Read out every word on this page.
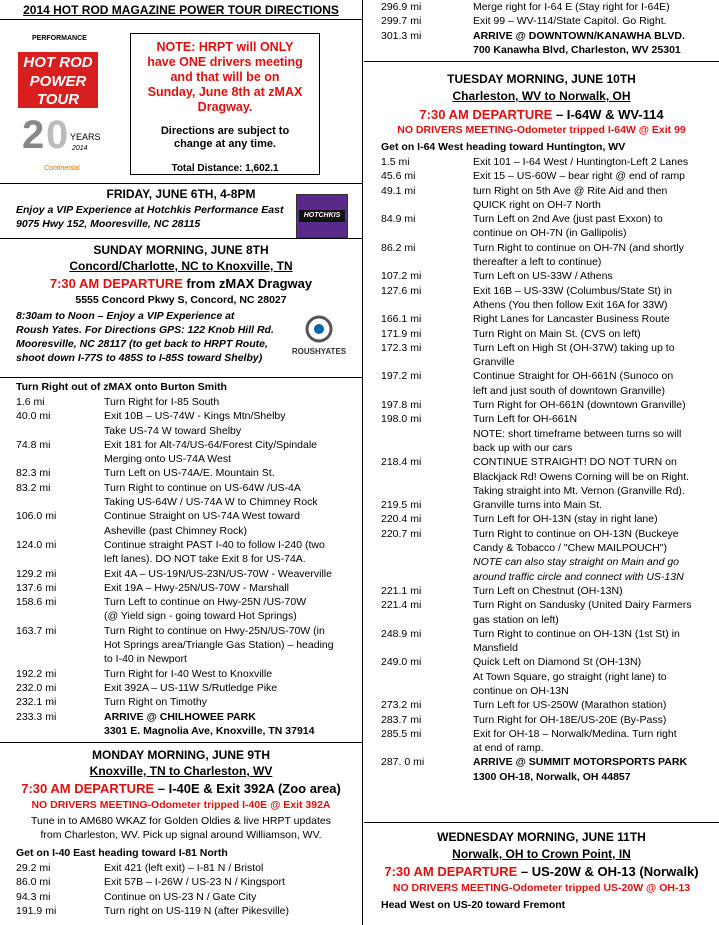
2014 HOT ROD MAGAZINE POWER TOUR DIRECTIONS
PERFORMANCE
HOT ROD
POWER
TOUR
2 0 YEARS
2014
Continental
NOTE: HRPT will ONLY
have ONE drivers meeting
and that will be on
Sunday, June 8th at zMAX
Dragway.
Directions are subject to
change at any time.
Total Distance: 1,602.1
FRIDAY, JUNE 6TH, 4-8PM
Enjoy a VIP Experience at Hotchkis Performance East
9075 Hwy 152, Mooresville, NC 28115
HOTCHKIS
SUNDAY MORNING, JUNE 8TH
Concord/Charlotte, NC to Knoxville, TN
7:30 AM DEPARTURE from zMAX Dragway
5555 Concord Pkwy S, Concord, NC 28027
8:30am to Noon – Enjoy a VIP Experience at
Roush Yates. For Directions GPS: 122 Knob Hill Rd.
Mooresville, NC 28117 (to get back to HRPT Route,
shoot down I-77S to 485S to I-85S toward Shelby)
ROUSHYATES
Turn Right out of zMAX onto Burton Smith
1.6 mi	Turn Right for I-85 South
40.0 mi	Exit 10B – US-74W - Kings Mtn/Shelby
Take US-74 W toward Shelby
74.8 mi	Exit 181 for Alt-74/US-64/Forest City/Spindale
Merging onto US-74A West
82.3 mi	Turn Left on US-74A/E. Mountain St.
83.2 mi	Turn Right to continue on US-64W /US-4A
Taking US-64W / US-74A W to Chimney Rock
106.0 mi	Continue Straight on US-74A West toward
Asheville (past Chimney Rock)
124.0 mi	Continue straight PAST I-40 to follow I-240 (two
left lanes). DO NOT take Exit 8 for US-74A.
129.2 mi	Exit 4A – US-19N/US-23N/US-70W - Weaverville
137.6 mi	Exit 19A – Hwy-25N/US-70W - Marshall
158.6 mi	Turn Left to continue on Hwy-25N /US-70W
(@ Yield sign - going toward Hot Springs)
163.7 mi	Turn Right to continue on Hwy-25N/US-70W (in
Hot Springs area/Triangle Gas Station) – heading
to I-40 in Newport
192.2 mi	Turn Right for I-40 West to Knoxville
232.0 mi	Exit 392A – US-11W S/Rutledge Pike
232.1 mi	Turn Right on Timothy
233.3 mi	ARRIVE @ CHILHOWEE PARK
3301 E. Magnolia Ave, Knoxville, TN 37914
MONDAY MORNING, JUNE 9TH
Knoxville, TN to Charleston, WV
7:30 AM DEPARTURE – I-40E & Exit 392A (Zoo area)
NO DRIVERS MEETING-Odometer tripped I-40E @ Exit 392A
Tune in to AM680 WKAZ for Golden Oldies & live HRPT updates
from Charleston, WV. Pick up signal around Williamson, WV.
Get on I-40 East heading toward I-81 North
29.2 mi	Exit 421 (left exit) – I-81 N / Bristol
86.0 mi	Exit 57B – I-26W / US-23 N / Kingsport
94.3 mi	Continue on US-23 N / Gate City
191.9 mi	Turn right on US-119 N (after Pikesville)
296.9 mi	Merge right for I-64 E (Stay right for I-64E)
299.7 mi	Exit 99 – WV-114/State Capitol. Go Right.
301.3 mi	ARRIVE @ DOWNTOWN/KANAWHA BLVD.
700 Kanawha Blvd, Charleston, WV 25301
TUESDAY MORNING, JUNE 10TH
Charleston, WV to Norwalk, OH
7:30 AM DEPARTURE – I-64W & WV-114
NO DRIVERS MEETING-Odometer tripped I-64W @ Exit 99
Get on I-64 West heading toward Huntington, WV
1.5 mi	Exit 101 – I-64 West / Huntington-Left 2 Lanes
45.6 mi	Exit 15 – US-60W – bear right @ end of ramp
49.1 mi	turn Right on 5th Ave @ Rite Aid and then
QUICK right on OH-7 North
84.9 mi	Turn Left on 2nd Ave (just past Exxon) to
continue on OH-7N (in Gallipolis)
86.2 mi	Turn Right to continue on OH-7N (and shortly
thereafter a left to continue)
107.2 mi	Turn Left on US-33W / Athens
127.6 mi	Exit 16B – US-33W (Columbus/State St) in
Athens (You then follow Exit 16A for 33W)
166.1 mi	Right Lanes for Lancaster Business Route
171.9 mi	Turn Right on Main St. (CVS on left)
172.3 mi	Turn Left on High St (OH-37W) taking up to
Granville
197.2 mi	Continue Straight for OH-661N (Sunoco on
left and just south of downtown Granville)
197.8 mi	Turn Right for OH-661N (downtown Granville)
198.0 mi	Turn Left for OH-661N
NOTE: short timeframe between turns so will
back up with our cars
218.4 mi	CONTINUE STRAIGHT! DO NOT TURN on
Blackjack Rd! Owens Corning will be on Right.
Taking straight into Mt. Vernon (Granville Rd).
219.5 mi	Granville turns into Main St.
220.4 mi	Turn Left for OH-13N (stay in right lane)
220.7 mi	Turn Right to continue on OH-13N (Buckeye
Candy & Tobacco / "Chew MAILPOUCH")
NOTE can also stay straight on Main and go
around traffic circle and connect with US-13N
221.1 mi	Turn Left on Chestnut (OH-13N)
221.4 mi	Turn Right on Sandusky (United Dairy Farmers
gas station on left)
248.9 mi	Turn Right to continue on OH-13N (1st St) in
Mansfield
249.0 mi	Quick Left on Diamond St (OH-13N)
At Town Square, go straight (right lane) to
continue on OH-13N
273.2 mi	Turn Left for US-250W (Marathon station)
283.7 mi	Turn Right for OH-18E/US-20E (By-Pass)
285.5 mi	Exit for OH-18 – Norwalk/Medina. Turn right
at end of ramp.
287. 0 mi	ARRIVE @ SUMMIT MOTORSPORTS PARK
1300 OH-18, Norwalk, OH 44857
WEDNESDAY MORNING, JUNE 11TH
Norwalk, OH to Crown Point, IN
7:30 AM DEPARTURE – US-20W & OH-13 (Norwalk)
NO DRIVERS MEETING-Odometer tripped US-20W @ OH-13
Head West on US-20 toward Fremont
